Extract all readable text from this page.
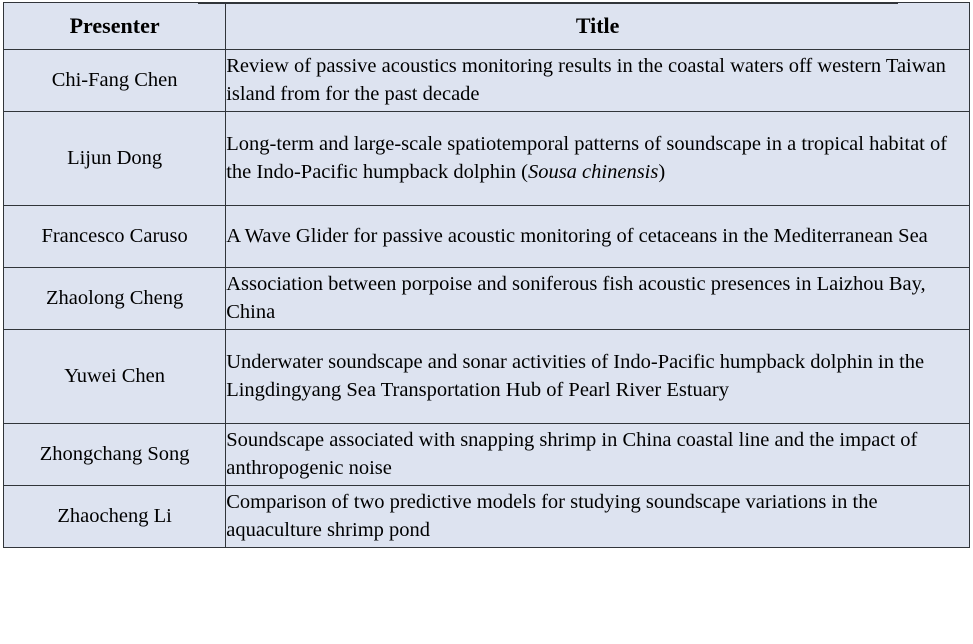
Presenter	Title
Chi-Fang Chen	Review of passive acoustics monitoring results in the coastal waters off western Taiwan island from for the past decade
Lijun Dong	Long-term and large-scale spatiotemporal patterns of soundscape in a tropical habitat of the Indo-Pacific humpback dolphin (Sousa chinensis)
Francesco Caruso	A Wave Glider for passive acoustic monitoring of cetaceans in the Mediterranean Sea
Zhaolong Cheng	Association between porpoise and soniferous fish acoustic presences in Laizhou Bay, China
Yuwei Chen	Underwater soundscape and sonar activities of Indo-Pacific humpback dolphin in the Lingdingyang Sea Transportation Hub of Pearl River Estuary
Zhongchang Song	Soundscape associated with snapping shrimp in China coastal line and the impact of anthropogenic noise
Zhaocheng Li	Comparison of two predictive models for studying soundscape variations in the aquaculture shrimp pond
